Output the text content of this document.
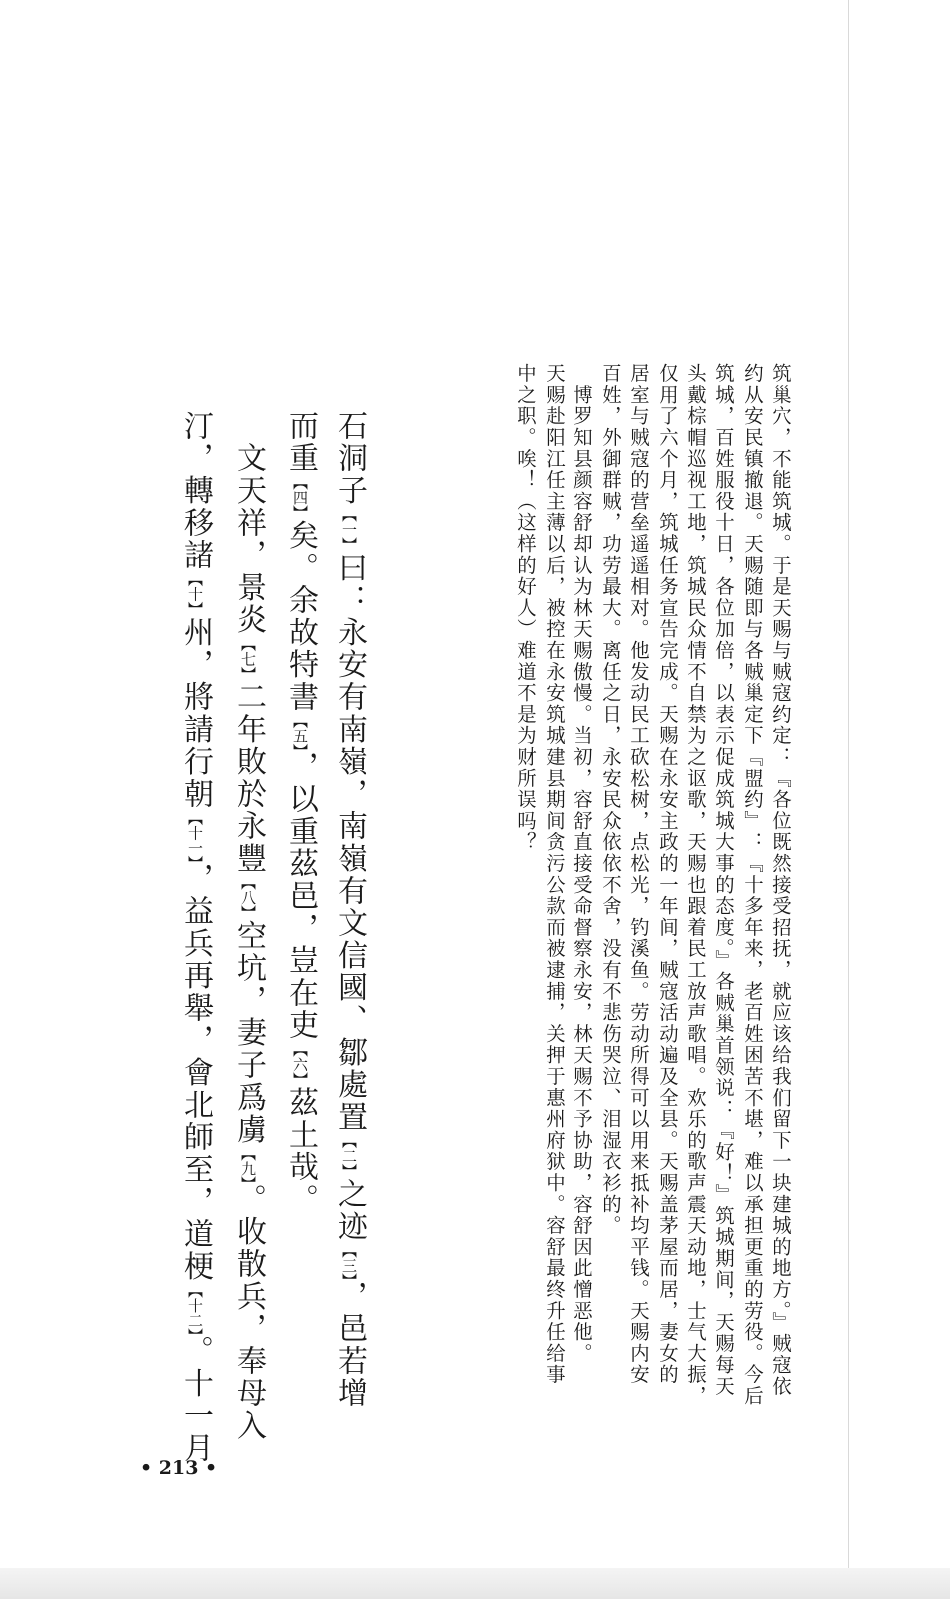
筑巢穴，不能筑城。于是天赐与贼寇约定：『各位既然接受招抚，就应该给我们留下一块建城的地方。』贼寇依
约从安民镇撤退。天赐随即与各贼巢定下『盟约』：『十多年来，老百姓困苦不堪，难以承担更重的劳役。今后
筑城，百姓服役十日，各位加倍，以表示促成筑城大事的态度。』各贼巢首领说：『好！』筑城期间，天赐每天
头戴棕帽巡视工地，筑城民众情不自禁为之讴歌，天赐也跟着民工放声歌唱。欢乐的歌声震天动地，士气大振，
仅用了六个月，筑城任务宣告完成。天赐在永安主政的一年间，贼寇活动遍及全县。天赐盖茅屋而居，妻女的
居室与贼寇的营垒遥遥相对。他发动民工砍松树，点松光，钓溪鱼。劳动所得可以用来抵补均平钱。天赐内安
百姓，外御群贼，功劳最大。离任之日，永安民众依依不舍，没有不悲伤哭泣、泪湿衣衫的。
　博罗知县颜容舒却认为林天赐傲慢。当初，容舒直接受命督察永安，林天赐不予协助，容舒因此憎恶他。
天赐赴阳江任主薄以后，被控在永安筑城建县期间贪污公款而被逮捕，关押于惠州府狱中。容舒最终升任给事
中之职。唉！（这样的好人）难道不是为财所误吗？
石洞子【一】曰：永安有南嶺，南嶺有文信國、鄒處置【二】之迹【三】，邑若增
而重【四】矣。余故特書【五】，以重茲邑，豈在吏【六】茲土哉。
　文天祥，景炎【七】二年敗於永豐【八】空坑，妻子爲虜【九】。收散兵，奉母入
汀，轉移諸【十】州，將請行朝【十一】，益兵再舉，會北師至，道梗【十二】。十一月
• 213 •
